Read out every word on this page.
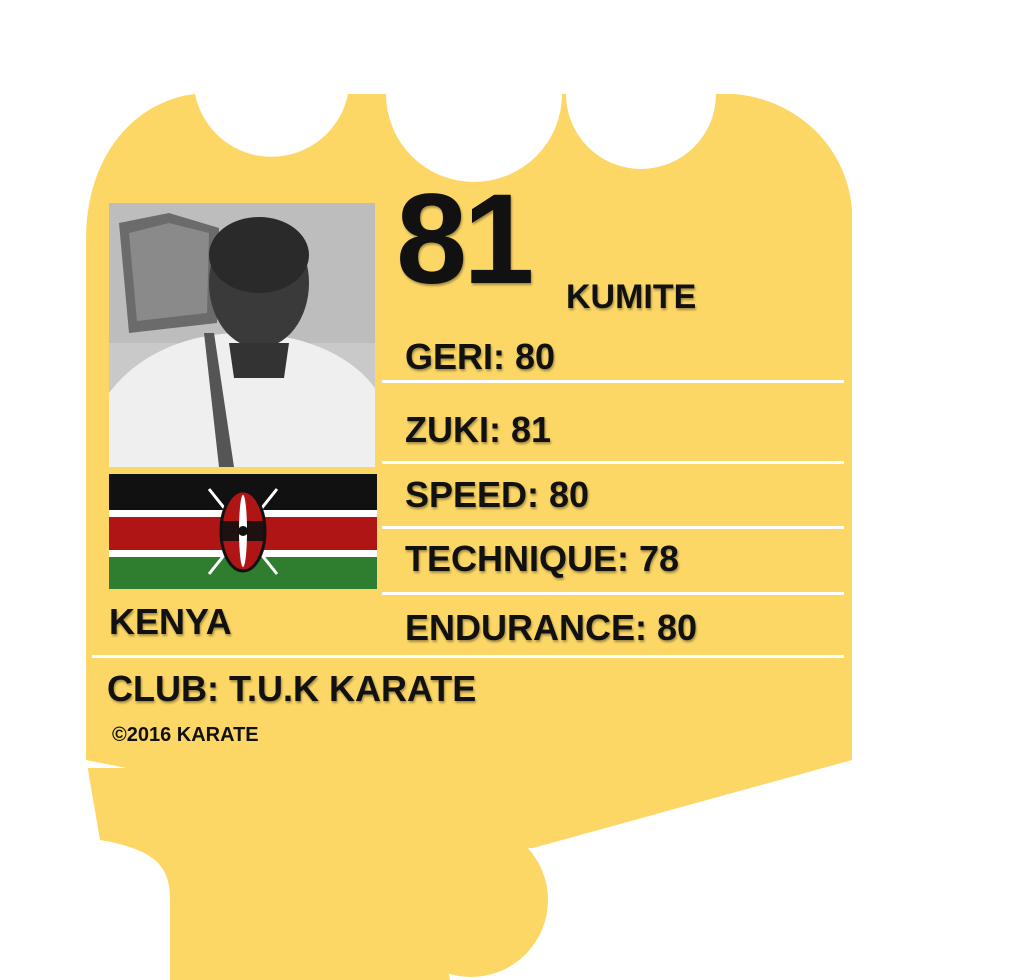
81 KUMITE
GERI: 80
ZUKI: 81
SPEED: 80
TECHNIQUE: 78
ENDURANCE: 80
KENYA
CLUB: T.U.K KARATE
©2016 KARATE
